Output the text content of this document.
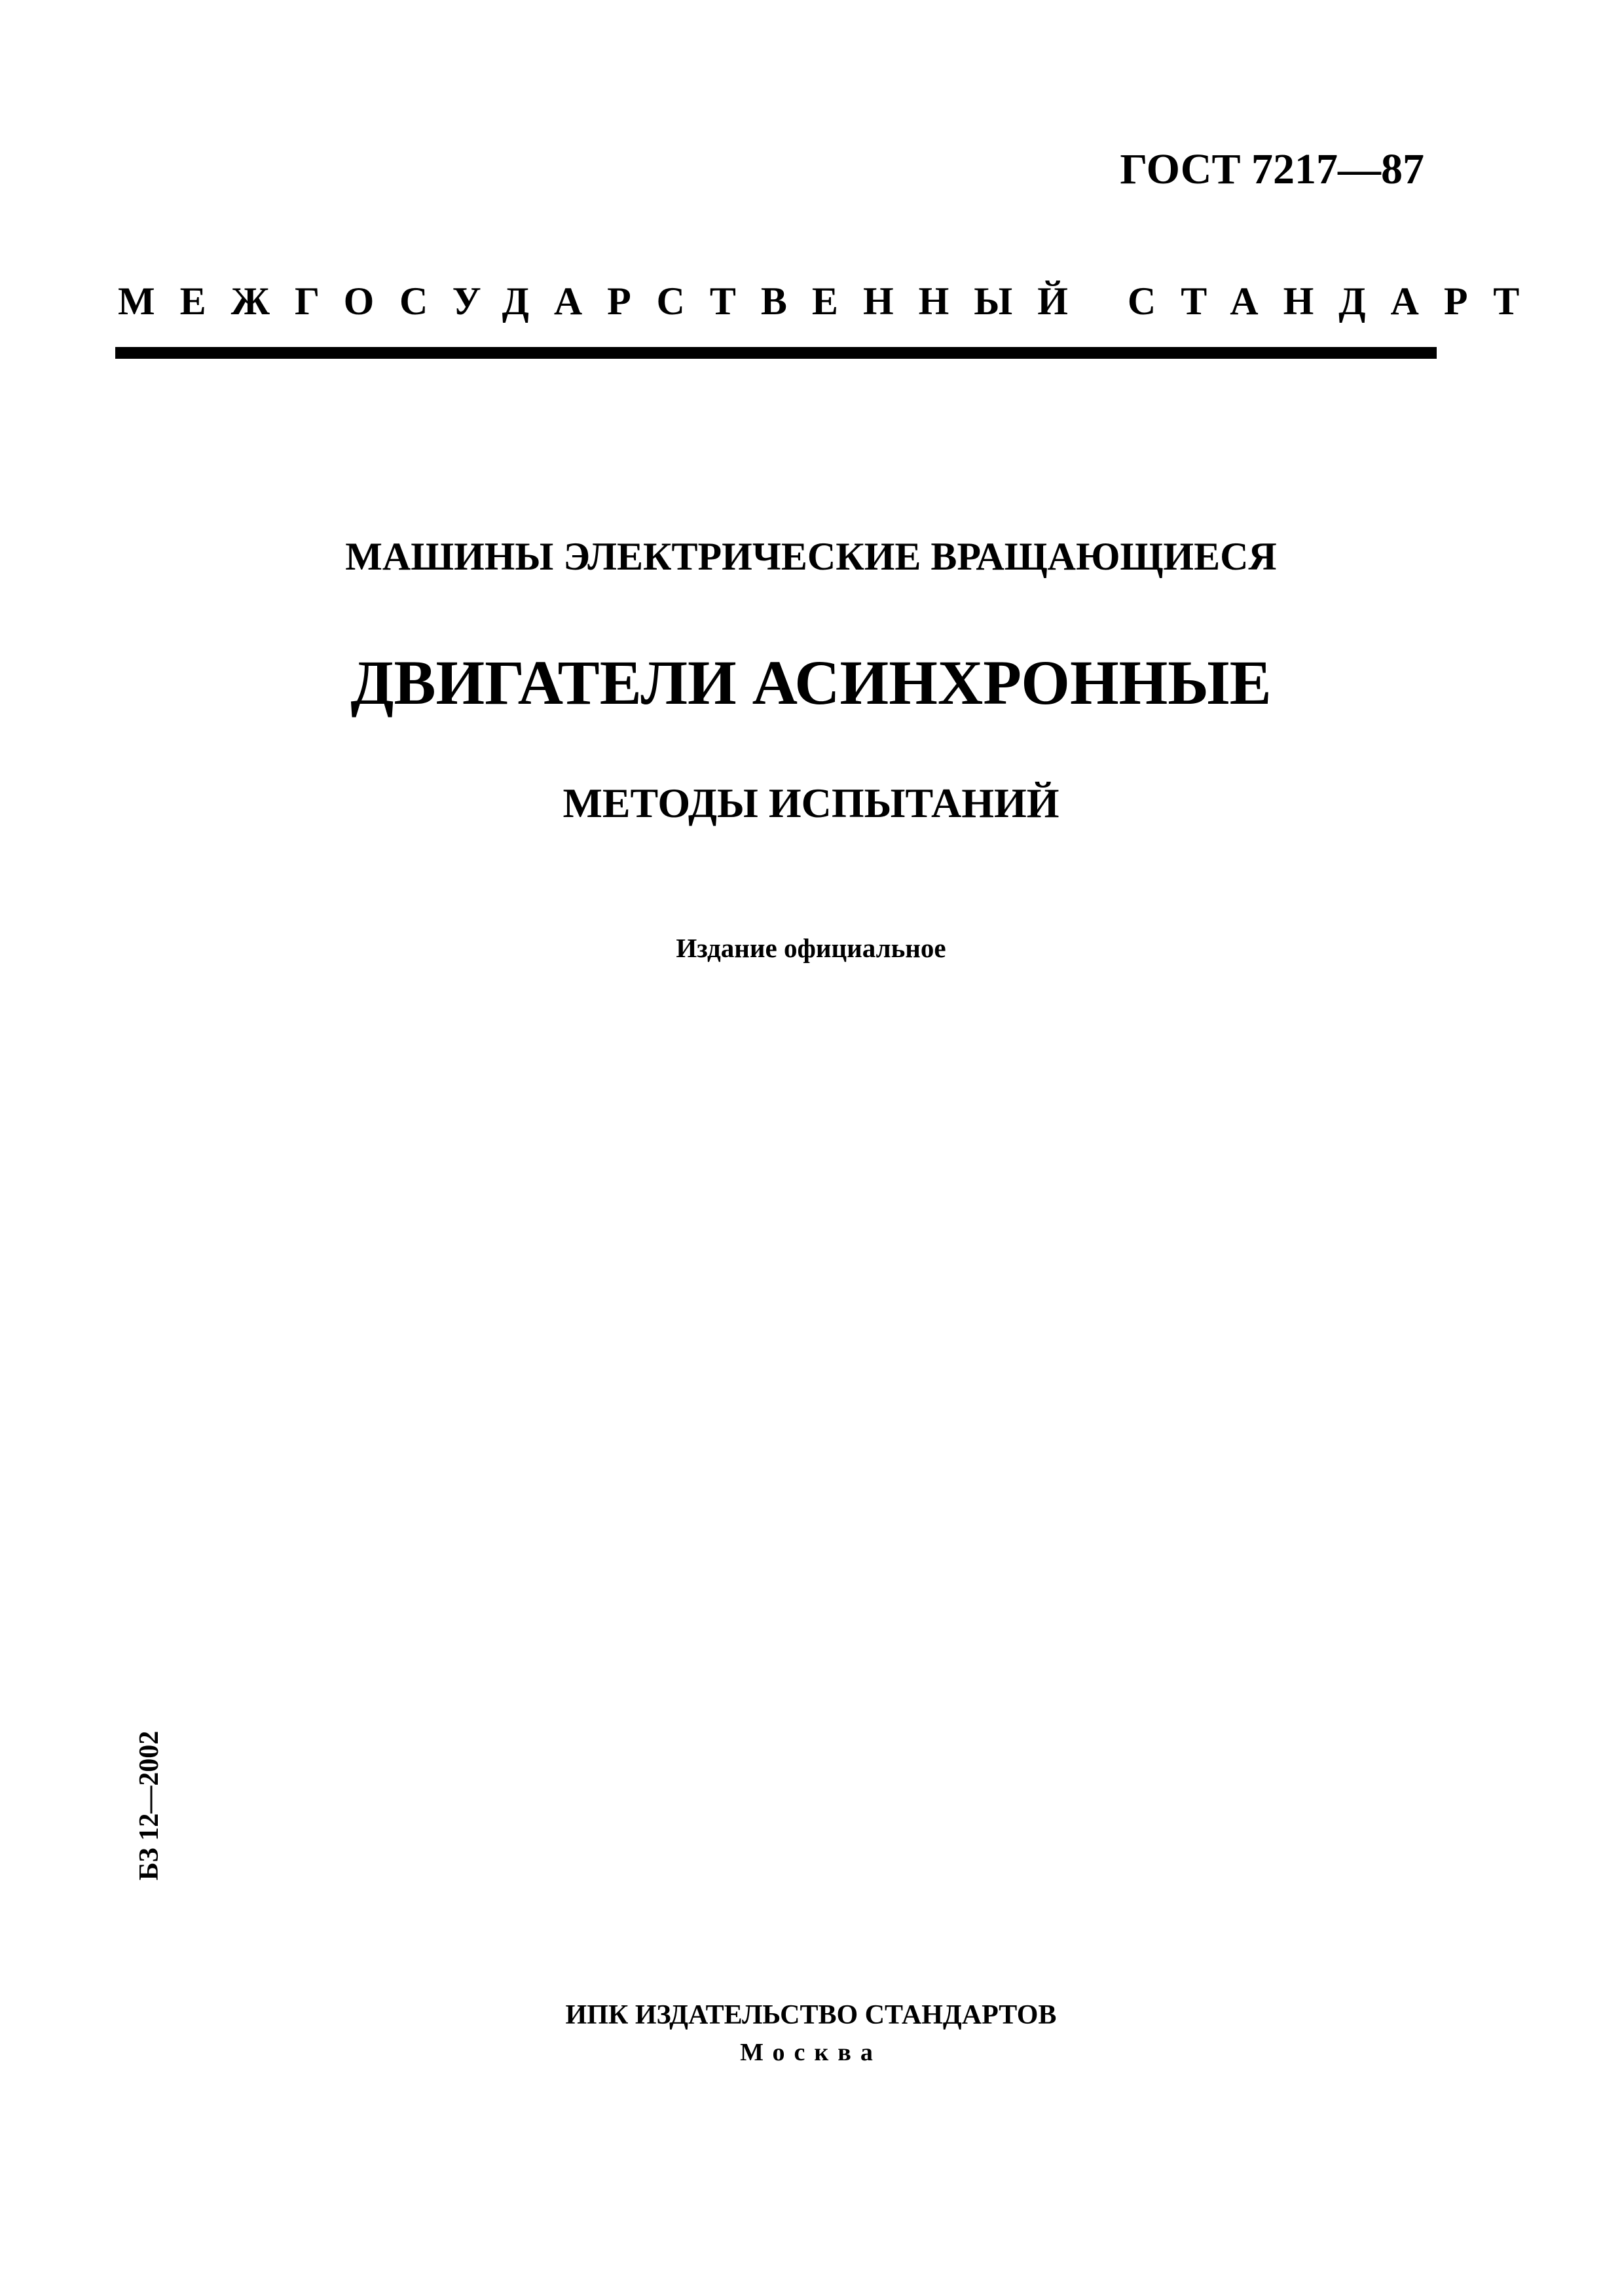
ГОСТ 7217—87
МЕЖГОСУДАРСТВЕННЫЙ СТАНДАРТ
МАШИНЫ ЭЛЕКТРИЧЕСКИЕ ВРАЩАЮЩИЕСЯ
ДВИГАТЕЛИ АСИНХРОННЫЕ
МЕТОДЫ ИСПЫТАНИЙ
Издание официальное
БЗ 12—2002
ИПК ИЗДАТЕЛЬСТВО СТАНДАРТОВ
Москва
